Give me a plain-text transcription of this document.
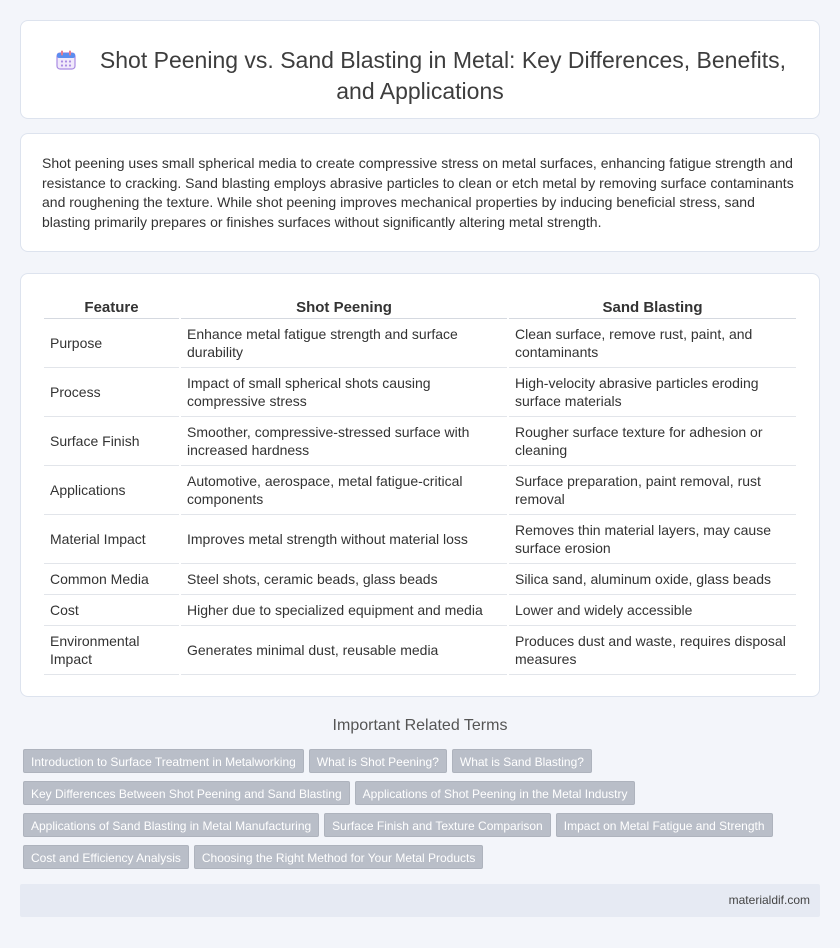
Shot Peening vs. Sand Blasting in Metal: Key Differences, Benefits, and Applications

Shot peening uses small spherical media to create compressive stress on metal surfaces, enhancing fatigue strength and resistance to cracking. Sand blasting employs abrasive particles to clean or etch metal by removing surface contaminants and roughening the texture. While shot peening improves mechanical properties by inducing beneficial stress, sand blasting primarily prepares or finishes surfaces without significantly altering metal strength.

Feature	Shot Peening	Sand Blasting
Purpose	Enhance metal fatigue strength and surface durability	Clean surface, remove rust, paint, and contaminants
Process	Impact of small spherical shots causing compressive stress	High-velocity abrasive particles eroding surface materials
Surface Finish	Smoother, compressive-stressed surface with increased hardness	Rougher surface texture for adhesion or cleaning
Applications	Automotive, aerospace, metal fatigue-critical components	Surface preparation, paint removal, rust removal
Material Impact	Improves metal strength without material loss	Removes thin material layers, may cause surface erosion
Common Media	Steel shots, ceramic beads, glass beads	Silica sand, aluminum oxide, glass beads
Cost	Higher due to specialized equipment and media	Lower and widely accessible
Environmental Impact	Generates minimal dust, reusable media	Produces dust and waste, requires disposal measures
Important Related Terms
Introduction to Surface Treatment in Metalworking What is Shot Peening? What is Sand Blasting?
Key Differences Between Shot Peening and Sand Blasting Applications of Shot Peening in the Metal Industry
Applications of Sand Blasting in Metal Manufacturing Surface Finish and Texture Comparison Impact on Metal Fatigue and Strength
Cost and Efficiency Analysis Choosing the Right Method for Your Metal Products
materialdif.com
